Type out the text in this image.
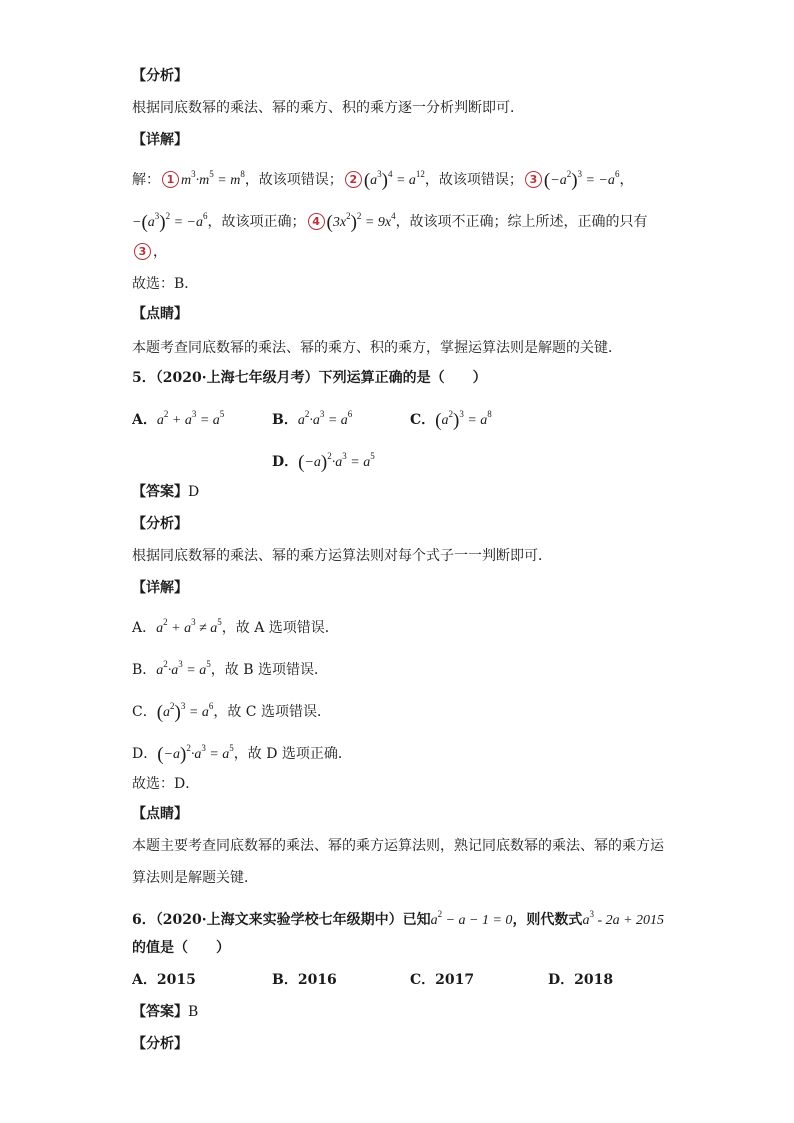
【分析】
根据同底数幂的乘法、幂的乘方、积的乘方逐一分析判断即可．
【详解】
解： 1 $m^3\cdot m^5 = m^8$，故该项错误； 2 $(a^3)^4 = a^{12}$，故该项错误； 3 $(-a^2)^3 = -a^6$，
$-(a^3)^2 = -a^6$，故该项正确； 4 $(3x^2)^2 = 9x^4$，故该项不正确；综上所述，正确的只有
3 ，
故选：B．
【点睛】
本题考查同底数幂的乘法、幂的乘方、积的乘方，掌握运算法则是解题的关键．
5．（2020·上海七年级月考）下列运算正确的是（　　）
A．$a^2 + a^3 = a^5$	B．$a^2\cdot a^3 = a^6$	C．$(a^2)^3 = a^8$
D．$(-a)^2\cdot a^3 = a^5$
【答案】D
【分析】
根据同底数幂的乘法、幂的乘方运算法则对每个式子一一判断即可．
【详解】
A．$a^2 + a^3 \ne a^5$，故 A 选项错误．
B．$a^2\cdot a^3 = a^5$，故 B 选项错误．
C．$(a^2)^3 = a^6$，故 C 选项错误．
D．$(-a)^2\cdot a^3 = a^5$，故 D 选项正确．
故选：D．
【点睛】
本题主要考查同底数幂的乘法、幂的乘方运算法则，熟记同底数幂的乘法、幂的乘方运
算法则是解题关键．
6．（2020·上海文来实验学校七年级期中）已知$a^2 - a - 1 = 0$，则代数式$a^3 - 2a + 2015$
的值是（　　）
A．2015	B．2016	C．2017	D．2018
【答案】B
【分析】
